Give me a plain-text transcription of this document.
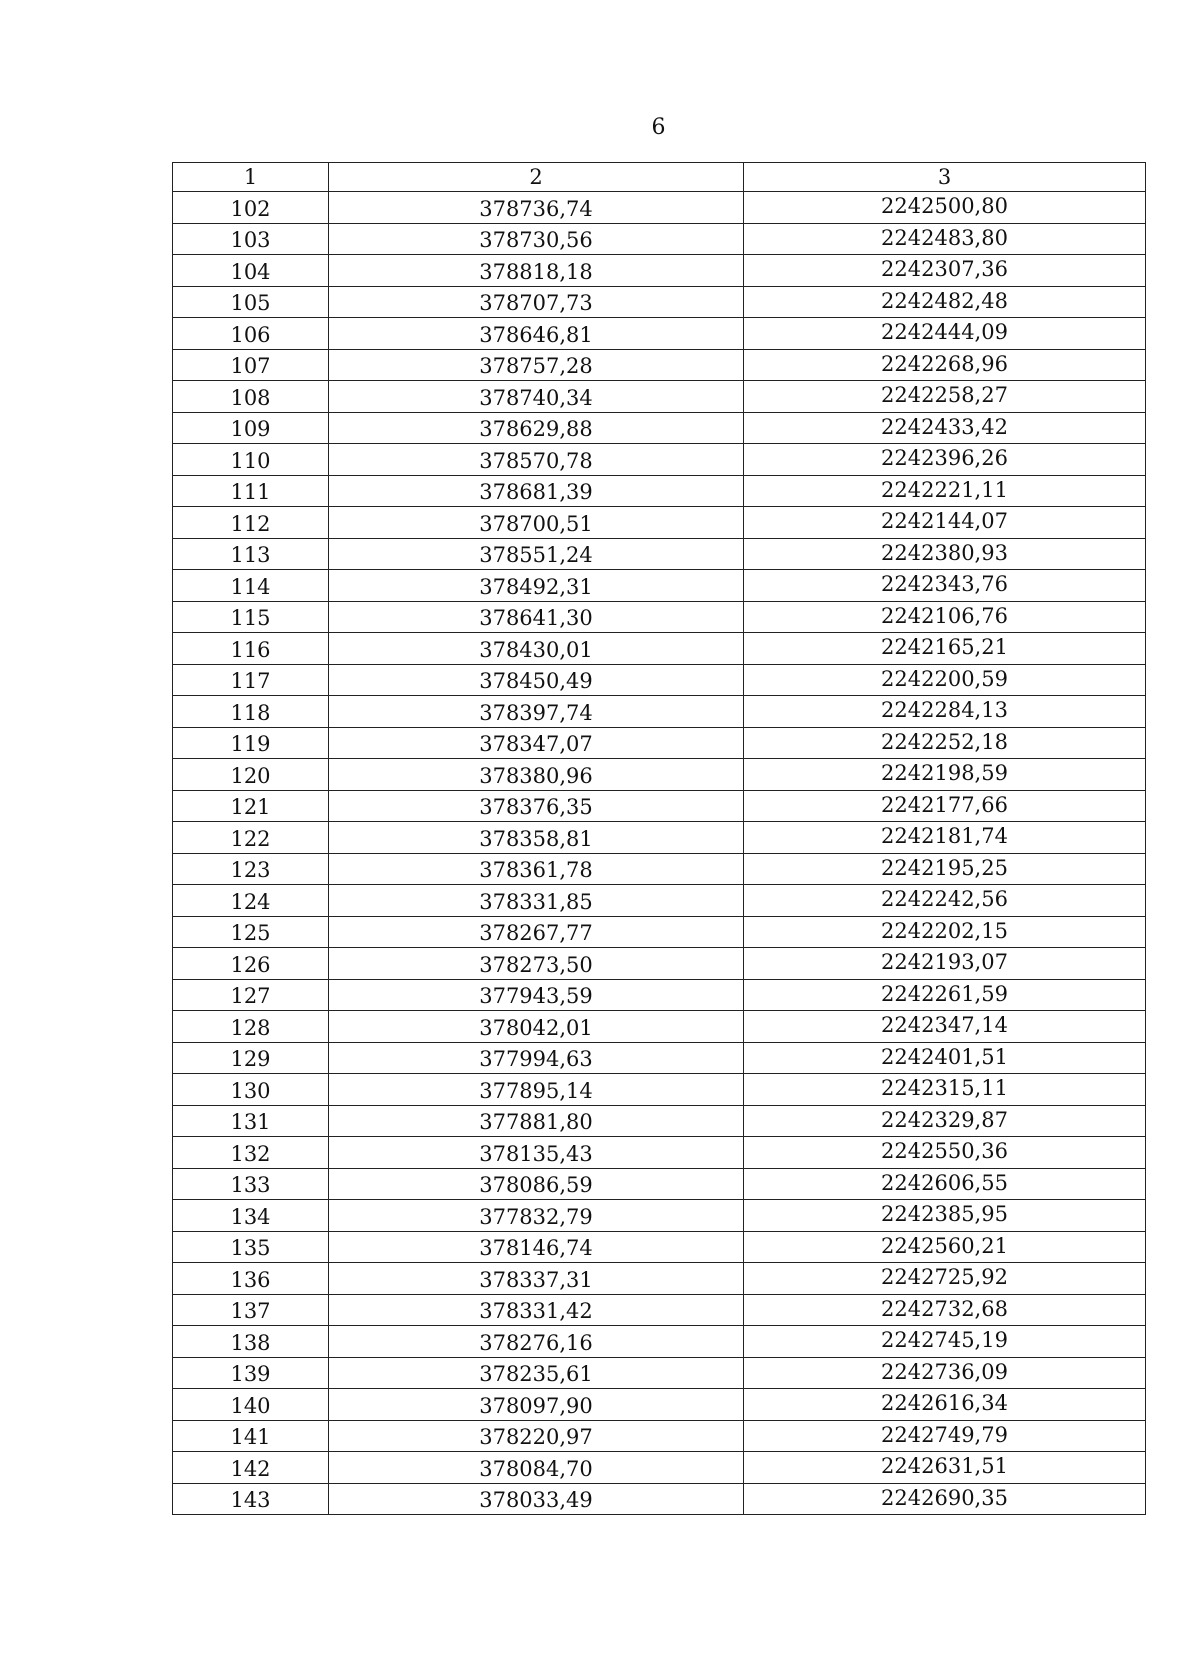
6
1	2	3
102	378736,74	2242500,80
103	378730,56	2242483,80
104	378818,18	2242307,36
105	378707,73	2242482,48
106	378646,81	2242444,09
107	378757,28	2242268,96
108	378740,34	2242258,27
109	378629,88	2242433,42
110	378570,78	2242396,26
111	378681,39	2242221,11
112	378700,51	2242144,07
113	378551,24	2242380,93
114	378492,31	2242343,76
115	378641,30	2242106,76
116	378430,01	2242165,21
117	378450,49	2242200,59
118	378397,74	2242284,13
119	378347,07	2242252,18
120	378380,96	2242198,59
121	378376,35	2242177,66
122	378358,81	2242181,74
123	378361,78	2242195,25
124	378331,85	2242242,56
125	378267,77	2242202,15
126	378273,50	2242193,07
127	377943,59	2242261,59
128	378042,01	2242347,14
129	377994,63	2242401,51
130	377895,14	2242315,11
131	377881,80	2242329,87
132	378135,43	2242550,36
133	378086,59	2242606,55
134	377832,79	2242385,95
135	378146,74	2242560,21
136	378337,31	2242725,92
137	378331,42	2242732,68
138	378276,16	2242745,19
139	378235,61	2242736,09
140	378097,90	2242616,34
141	378220,97	2242749,79
142	378084,70	2242631,51
143	378033,49	2242690,35
